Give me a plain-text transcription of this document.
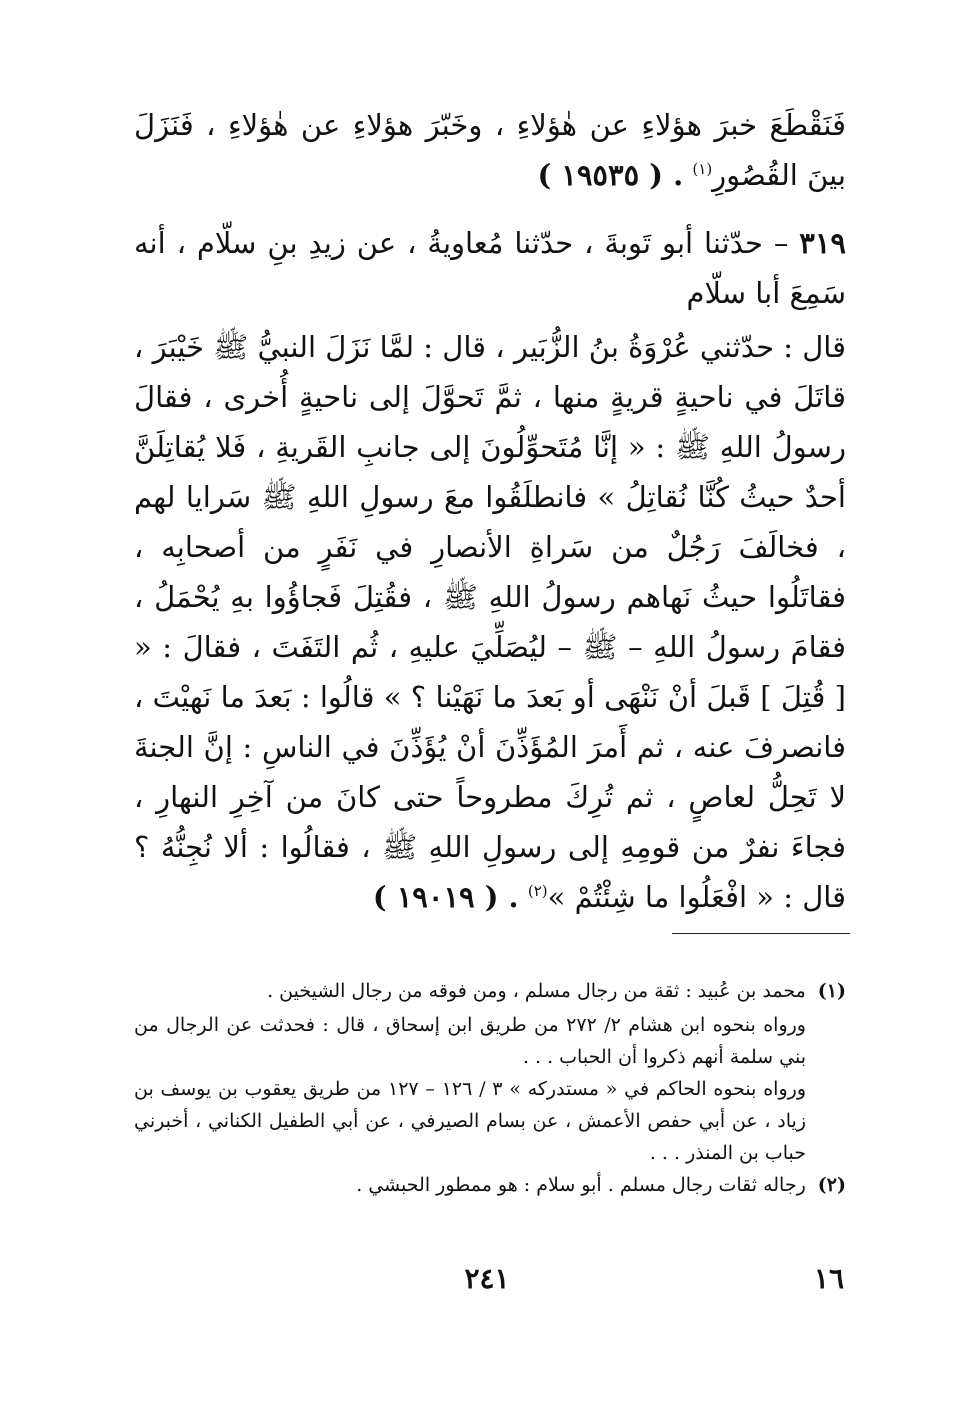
فَنَقْطَعَ خبرَ هؤلاءِ عن هٰؤلاءِ ، وخَبّرَ هؤلاءِ عن هٰؤلاءِ ، فَنَزَلَ بينَ القُصُورِ$^{(١)}$ . ( ١٩٥٣٥ )

٣١٩ – حدّثنا أبو تَوبةَ ، حدّثنا مُعاويةُ ، عن زيدِ بنِ سلّام ، أنه سَمِعَ أبا سلّام

قال : حدّثني عُرْوَةُ بنُ الزُّبَير ، قال : لمَّا نَزَلَ النبيُّ ﷺ خَيْبَرَ ، قاتَلَ في ناحيةٍ قريةٍ منها ، ثمَّ تَحوَّلَ إلى ناحيةٍ أُخرى ، فقالَ رسولُ اللهِ ﷺ : « إنَّا مُتَحوِّلُونَ إلى جانبِ القَريةِ ، فَلا يُقاتِلَنَّ أحدٌ حيثُ كُنَّا نُقاتِلُ » فانطلَقُوا معَ رسولِ اللهِ ﷺ سَرايا لهم ، فخالَفَ رَجُلٌ من سَراةِ الأنصارِ في نَفَرٍ من أصحابِه ، فقاتَلُوا حيثُ نَهاهم رسولُ اللهِ ﷺ ، فقُتِلَ فَجاؤُوا بهِ يُحْمَلُ ، فقامَ رسولُ اللهِ – ﷺ – ليُصَلِّيَ عليهِ ، ثُم التَفَتَ ، فقالَ : « [ قُتِلَ ] قَبلَ أنْ نَنْهَى أو بَعدَ ما نَهَيْنا ؟ » قالُوا : بَعدَ ما نَهيْتَ ، فانصرفَ عنه ، ثم أَمرَ المُؤَذِّنَ أنْ يُؤَذِّنَ في الناسِ : إنَّ الجنةَ لا تَحِلُّ لعاصٍ ، ثم تُرِكَ مطروحاً حتى كانَ من آخِرِ النهارِ ، فجاءَ نفرٌ من قومِهِ إلى رسولِ اللهِ ﷺ ، فقالُوا : ألا نُجِنُّهُ ؟ قال : « افْعَلُوا ما شِئْتُمْ »$^{(٢)}$ . ( ١٩٠١٩ )

(١)محمد بن عُبيد : ثقة من رجال مسلم ، ومن فوقه من رجال الشيخين .

ورواه بنحوه ابن هشام ٢/ ٢٧٢ من طريق ابن إسحاق ، قال : فحدثت عن الرجال من بني سلمة أنهم ذكروا أن الحباب . . .

ورواه بنحوه الحاكم في « مستدركه » ٣ / ١٢٦ – ١٢٧ من طريق يعقوب بن يوسف بن زياد ، عن أبي حفص الأعمش ، عن بسام الصيرفي ، عن أبي الطفيل الكناني ، أخبرني حباب بن المنذر . . .

(٢)رجاله ثقات رجال مسلم . أبو سلام : هو ممطور الحبشي .

٢٤١	١٦
